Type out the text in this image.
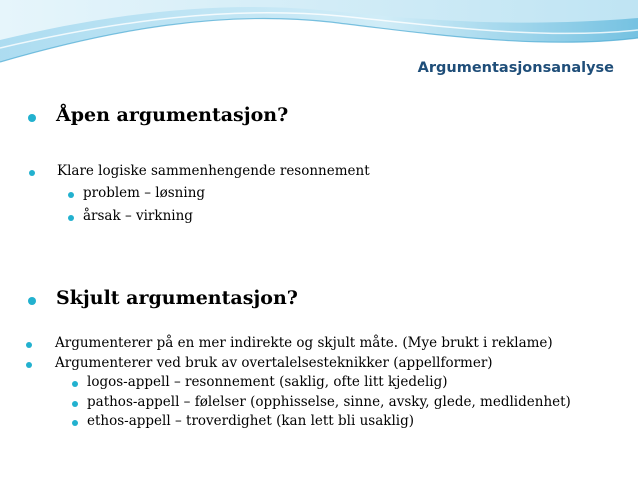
Argumentasjonsanalyse
Åpen argumentasjon?
Klare logiske sammenhengende resonnement
problem – løsning
årsak – virkning
Skjult argumentasjon?
Argumenterer på en mer indirekte og skjult måte. (Mye brukt i reklame)
Argumenterer ved bruk av overtalelsesteknikker (appellformer)
logos-appell – resonnement (saklig, ofte litt kjedelig)
pathos-appell – følelser (opphisselse, sinne, avsky, glede, medlidenhet)
ethos-appell – troverdighet (kan lett bli usaklig)
